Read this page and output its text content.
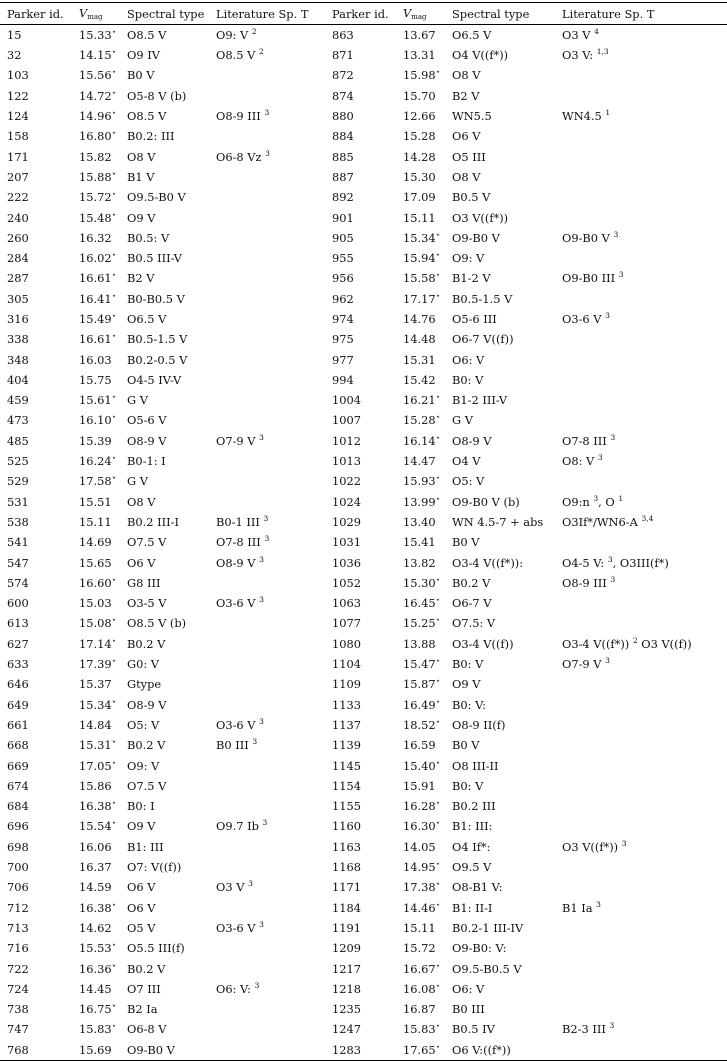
Parker id.	$V_{mag}$	Spectral type	Literature Sp. T	Parker id.	$V_{mag}$	Spectral type	Literature Sp. T
15	15.33⋆	O8.5 V	O9: V $^2$	863	13.67	O6.5 V	O3 V $^4$
32	14.15⋆	O9 IV	O8.5 V $^2$	871	13.31	O4 V((f*))	O3 V: $^{1,3}$
103	15.56⋆	B0 V		872	15.98⋆	O8 V	
122	14.72⋆	O5-8 V (b)		874	15.70	B2 V	
124	14.96⋆	O8.5 V	O8-9 III $^3$	880	12.66	WN5.5	WN4.5 $^1$
158	16.80⋆	B0.2: III		884	15.28	O6 V	
171	15.82	O8 V	O6-8 Vz $^3$	885	14.28	O5 III	
207	15.88⋆	B1 V		887	15.30	O8 V	
222	15.72⋆	O9.5-B0 V		892	17.09	B0.5 V	
240	15.48⋆	O9 V		901	15.11	O3 V((f*))	
260	16.32	B0.5: V		905	15.34⋆	O9-B0 V	O9-B0 V $^3$
284	16.02⋆	B0.5 III-V		955	15.94⋆	O9: V	
287	16.61⋆	B2 V		956	15.58⋆	B1-2 V	O9-B0 III $^3$
305	16.41⋆	B0-B0.5 V		962	17.17⋆	B0.5-1.5 V	
316	15.49⋆	O6.5 V		974	14.76	O5-6 III	O3-6 V $^3$
338	16.61⋆	B0.5-1.5 V		975	14.48	O6-7 V((f))	
348	16.03	B0.2-0.5 V		977	15.31	O6: V	
404	15.75	O4-5 IV-V		994	15.42	B0: V	
459	15.61⋆	G V		1004	16.21⋆	B1-2 III-V	
473	16.10⋆	O5-6 V		1007	15.28⋆	G V	
485	15.39	O8-9 V	O7-9 V $^3$	1012	16.14⋆	O8-9 V	O7-8 III $^3$
525	16.24⋆	B0-1: I		1013	14.47	O4 V	O8: V $^3$
529	17.58⋆	G V		1022	15.93⋆	O5: V	
531	15.51	O8 V		1024	13.99⋆	O9-B0 V (b)	O9:n $^3$, O $^1$
538	15.11	B0.2 III-I	B0-1 III $^3$	1029	13.40	WN 4.5-7 + abs	O3If*/WN6-A $^{3,4}$
541	14.69	O7.5 V	O7-8 III $^3$	1031	15.41	B0 V	
547	15.65	O6 V	O8-9 V $^3$	1036	13.82	O3-4 V((f*)):	O4-5 V: $^3$, O3III(f*)
574	16.60⋆	G8 III		1052	15.30⋆	B0.2 V	O8-9 III $^3$
600	15.03	O3-5 V	O3-6 V $^3$	1063	16.45⋆	O6-7 V	
613	15.08⋆	O8.5 V (b)		1077	15.25⋆	O7.5: V	
627	17.14⋆	B0.2 V		1080	13.88	O3-4 V((f))	O3-4 V((f*)) $^2$ O3 V((f))
633	17.39⋆	G0: V		1104	15.47⋆	B0: V	O7-9 V $^3$
646	15.37	Gtype		1109	15.87⋆	O9 V	
649	15.34⋆	O8-9 V		1133	16.49⋆	B0: V:	
661	14.84	O5: V	O3-6 V $^3$	1137	18.52⋆	O8-9 II(f)	
668	15.31⋆	B0.2 V	B0 III $^3$	1139	16.59	B0 V	
669	17.05⋆	O9: V		1145	15.40⋆	O8 III-II	
674	15.86	O7.5 V		1154	15.91	B0: V	
684	16.38⋆	B0: I		1155	16.28⋆	B0.2 III	
696	15.54⋆	O9 V	O9.7 Ib $^3$	1160	16.30⋆	B1: III:	
698	16.06	B1: III		1163	14.05	O4 If*:	O3 V((f*)) $^3$
700	16.37	O7: V((f))		1168	14.95⋆	O9.5 V	
706	14.59	O6 V	O3 V $^3$	1171	17.38⋆	O8-B1 V:	
712	16.38⋆	O6 V		1184	14.46⋆	B1: II-I	B1 Ia $^3$
713	14.62	O5 V	O3-6 V $^3$	1191	15.11	B0.2-1 III-IV	
716	15.53⋆	O5.5 III(f)		1209	15.72	O9-B0: V:	
722	16.36⋆	B0.2 V		1217	16.67⋆	O9.5-B0.5 V	
724	14.45	O7 III	O6: V: $^3$	1218	16.08⋆	O6: V	
738	16.75⋆	B2 Ia		1235	16.87	B0 III	
747	15.83⋆	O6-8 V		1247	15.83⋆	B0.5 IV	B2-3 III $^3$
768	15.69	O9-B0 V		1283	17.65⋆	O6 V:((f*))	
